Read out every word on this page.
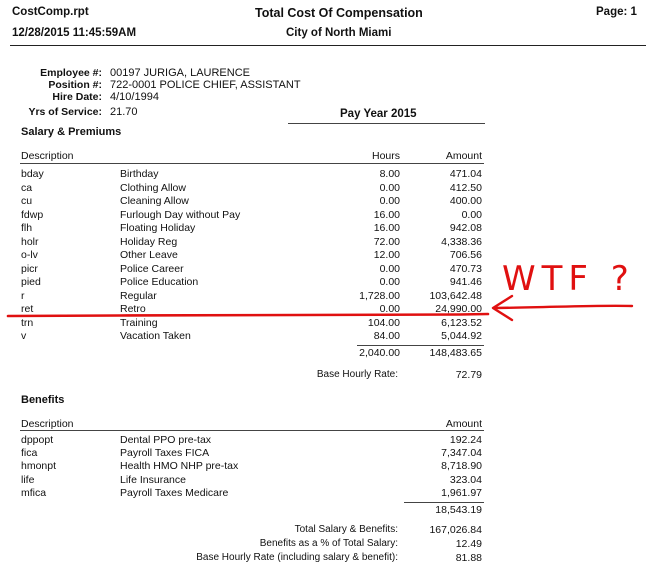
CostComp.rpt	Total Cost Of Compensation	Page: 1
12/28/2015 11:45:59AM	City of North Miami
Employee #: 00197 JURIGA, LAURENCE
Position #: 722-0001 POLICE CHIEF, ASSISTANT
Hire Date: 4/10/1994
Yrs of Service: 21.70	Pay Year 2015
Salary & Premiums
Description	Hours	Amount
bday	Birthday	8.00	471.04
ca	Clothing Allow	0.00	412.50
cu	Cleaning Allow	0.00	400.00
fdwp	Furlough Day without Pay	16.00	0.00
flh	Floating Holiday	16.00	942.08
holr	Holiday Reg	72.00	4,338.36
o-lv	Other Leave	12.00	706.56
picr	Police Career	0.00	470.73
pied	Police Education	0.00	941.46
r	Regular	1,728.00	103,642.48
ret	Retro	0.00	24,990.00
trn	Training	104.00	6,123.52
v	Vacation Taken	84.00	5,044.92
2,040.00	148,483.65
Base Hourly Rate:	72.79
Benefits
Description	Amount
dppopt	Dental PPO pre-tax	192.24
fica	Payroll Taxes FICA	7,347.04
hmonpt	Health HMO NHP pre-tax	8,718.90
life	Life Insurance	323.04
mfica	Payroll Taxes Medicare	1,961.97
18,543.19
Total Salary & Benefits:	167,026.84
Benefits as a % of Total Salary:	12.49
Base Hourly Rate (including salary & benefit):	81.88
WTF ?
